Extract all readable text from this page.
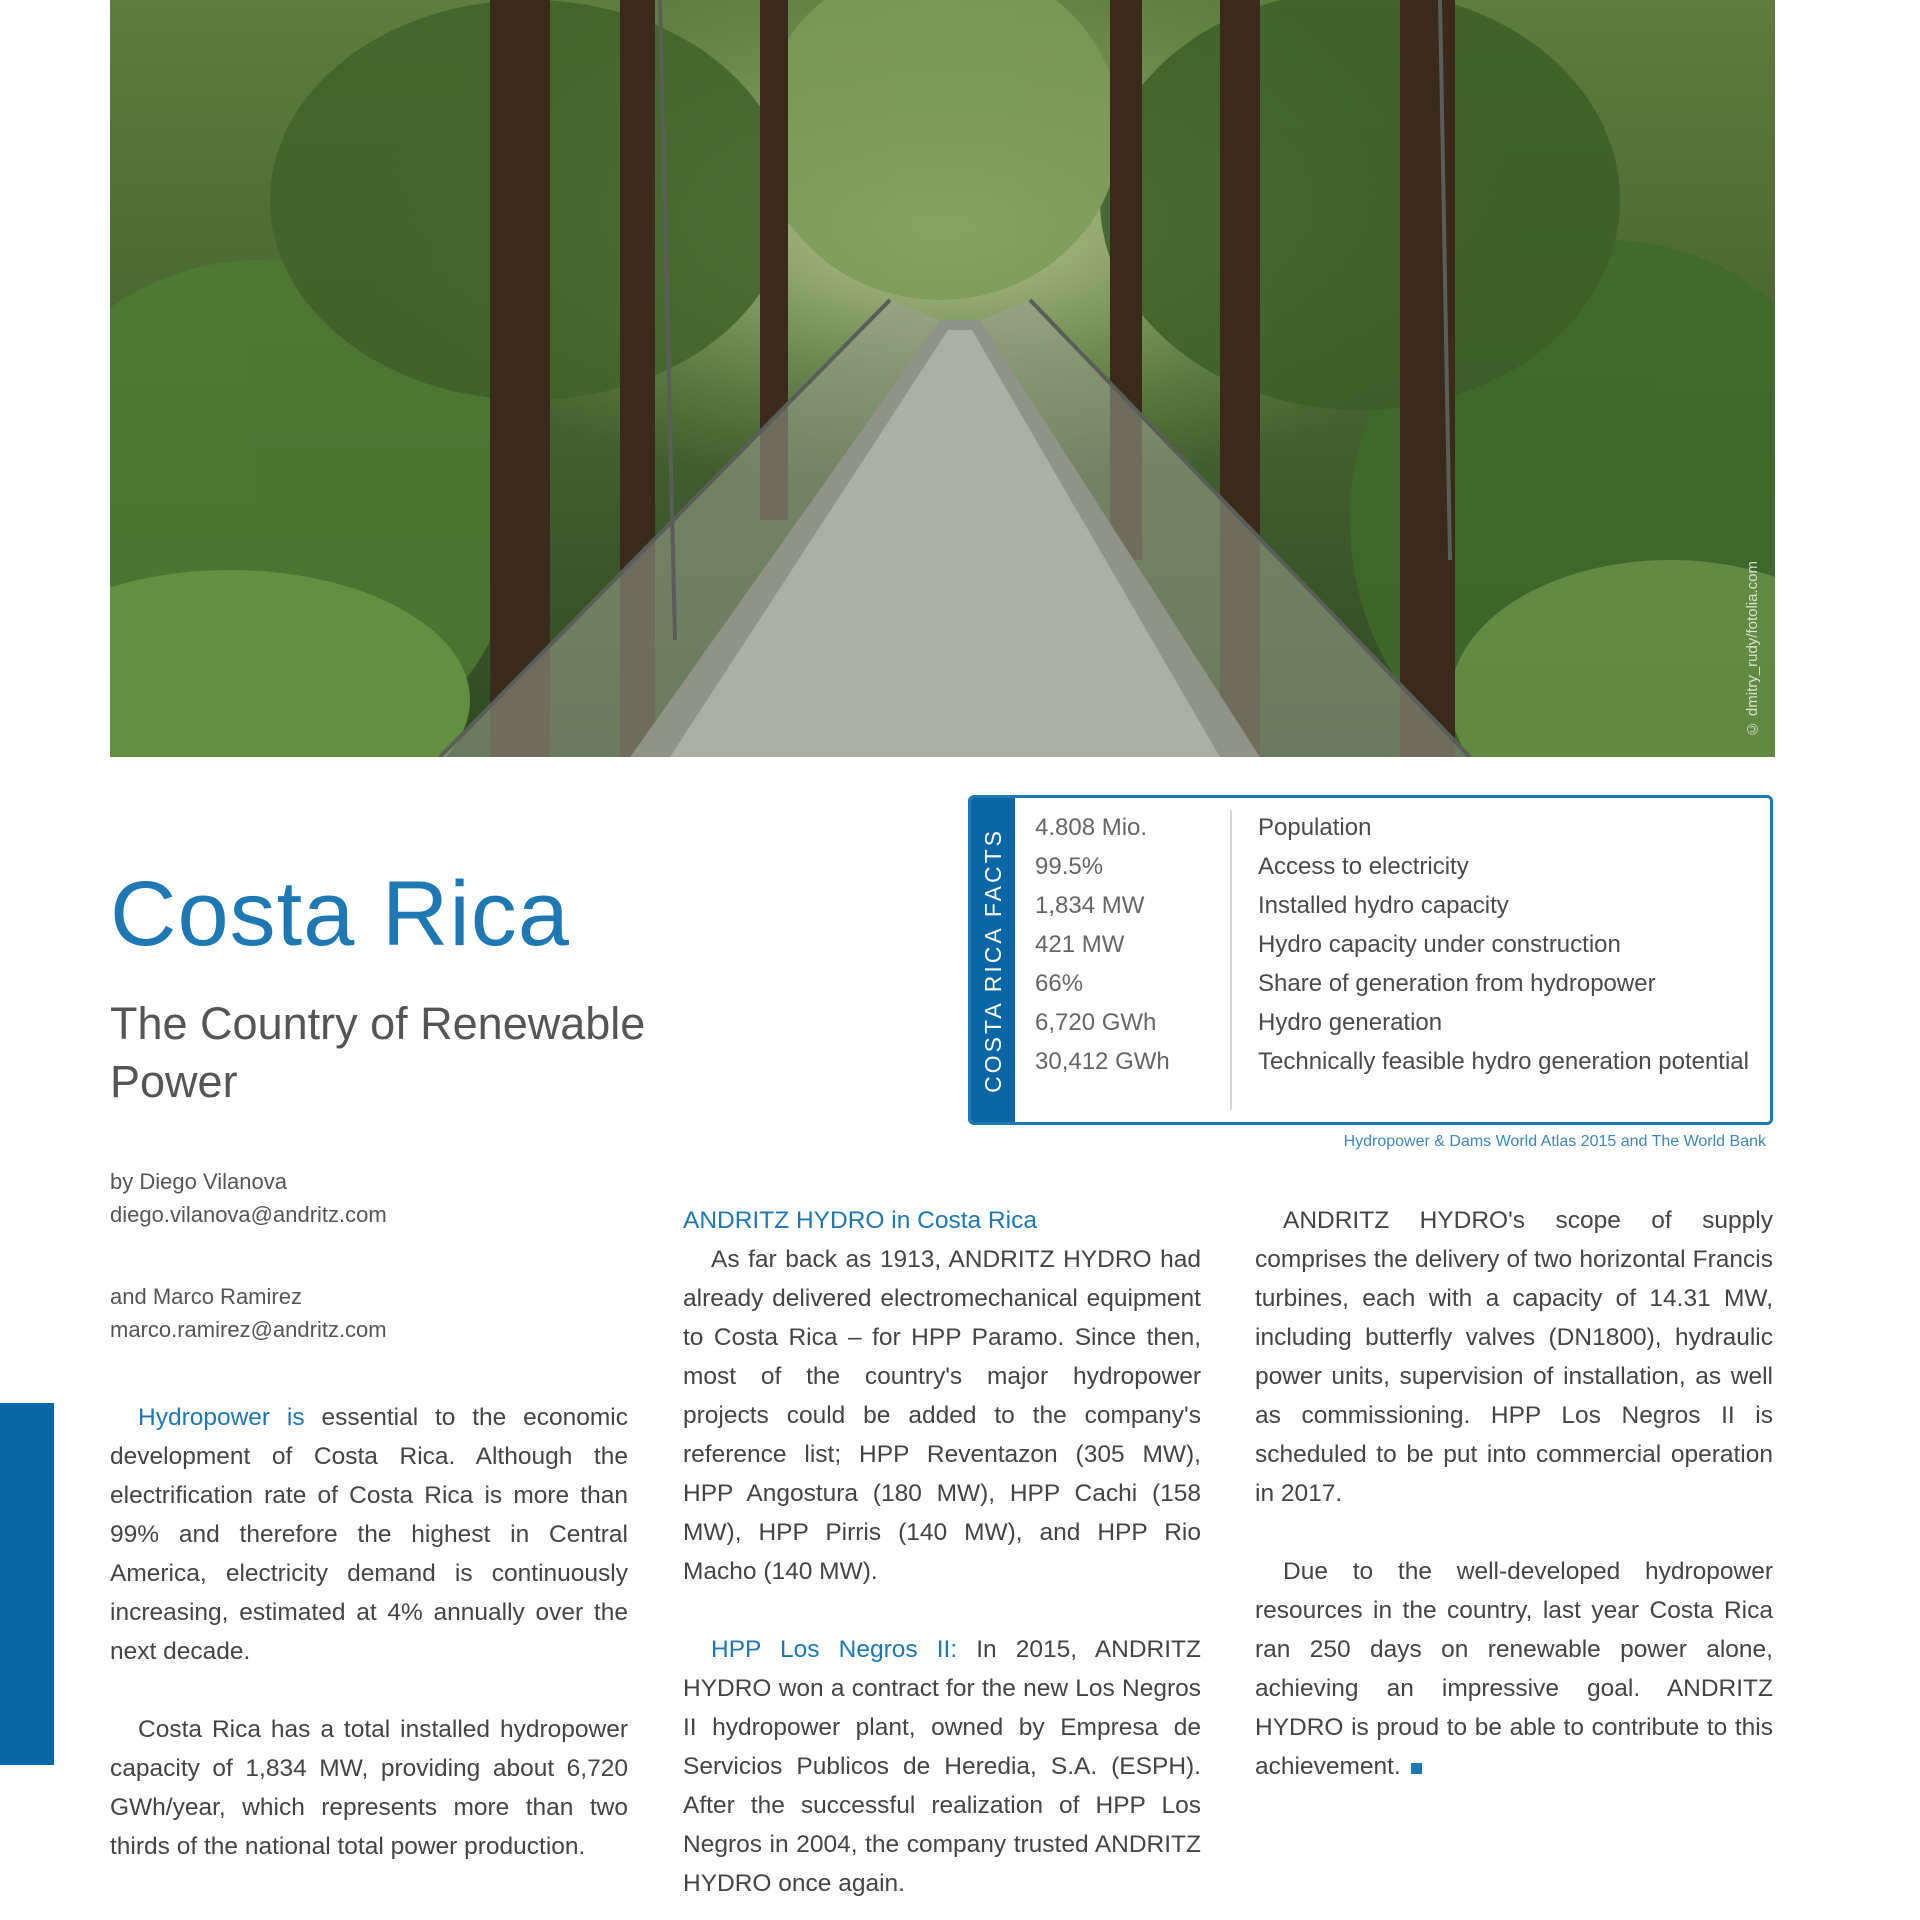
© dmitry_rudy/fotolia.com
Costa Rica
The Country of Renewable Power
by Diego Vilanova
diego.vilanova@andritz.com
and Marco Ramirez
marco.ramirez@andritz.com
COSTA RICA FACTS
4.808 Mio.	Population
99.5%	Access to electricity
1,834 MW	Installed hydro capacity
421 MW	Hydro capacity under construction
66%	Share of generation from hydropower
6,720 GWh	Hydro generation
30,412 GWh	Technically feasible hydro generation potential
Hydropower & Dams World Atlas 2015 and The World Bank

Hydropower is essential to the economic development of Costa Rica. Although the electrification rate of Costa Rica is more than 99% and therefore the highest in Central America, electricity demand is continuously increasing, estimated at 4% annually over the next decade.

Costa Rica has a total installed hydropower capacity of 1,834 MW, providing about 6,720 GWh/year, which represents more than two thirds of the national total power production.

ANDRITZ HYDRO in Costa Rica

As far back as 1913, ANDRITZ HYDRO had already delivered electromechanical equipment to Costa Rica – for HPP Paramo. Since then, most of the country's major hydropower projects could be added to the company's reference list; HPP Reventazon (305 MW), HPP Angostura (180 MW), HPP Cachi (158 MW), HPP Pirris (140 MW), and HPP Rio Macho (140 MW).

HPP Los Negros II: In 2015, ANDRITZ HYDRO won a contract for the new Los Negros II hydropower plant, owned by Empresa de Servicios Publicos de Heredia, S.A. (ESPH). After the successful realization of HPP Los Negros in 2004, the company trusted ANDRITZ HYDRO once again.

ANDRITZ HYDRO's scope of supply comprises the delivery of two horizontal Francis turbines, each with a capacity of 14.31 MW, including butterfly valves (DN1800), hydraulic power units, supervision of installation, as well as commissioning. HPP Los Negros II is scheduled to be put into commercial operation in 2017.

Due to the well-developed hydropower resources in the country, last year Costa Rica ran 250 days on renewable power alone, achieving an impressive goal. ANDRITZ HYDRO is proud to be able to contribute to this achievement.
